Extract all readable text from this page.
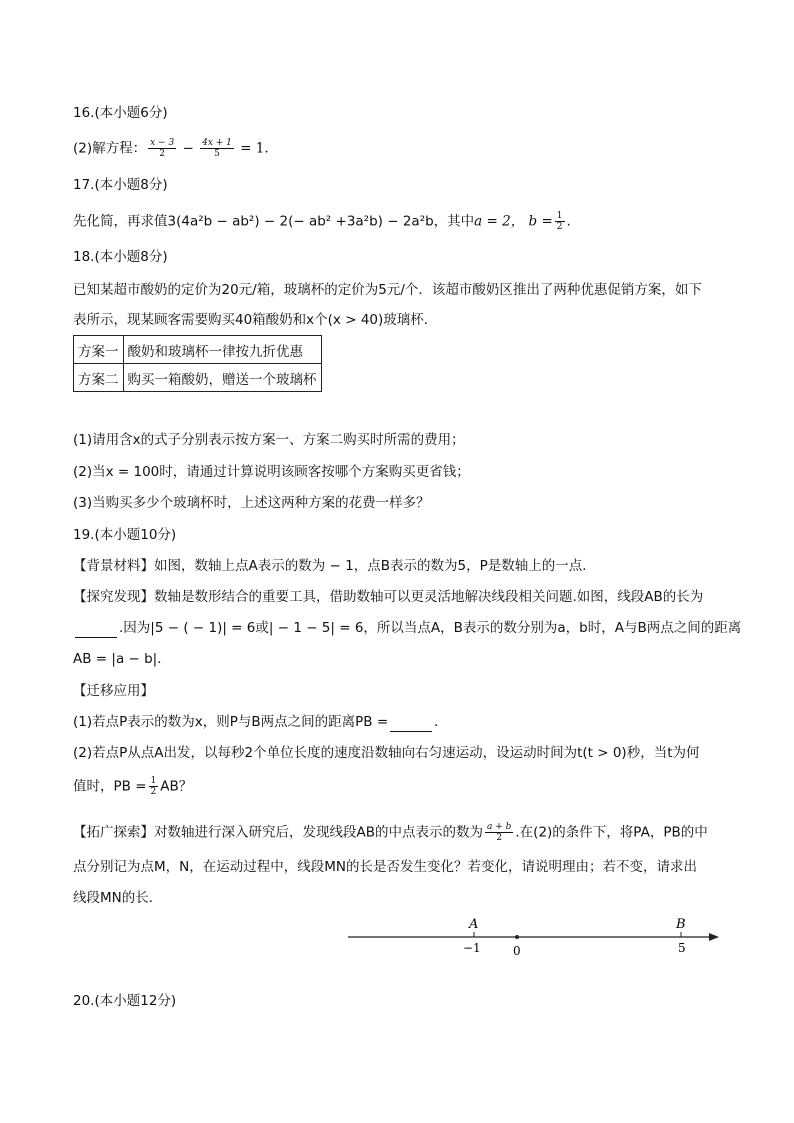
16.(本小题6分)
(2)解方程： $\frac{x - 3}{2} - \frac{4x + 1}{5} = 1$.
17.(本小题8分)
先化简，再求值3(4a²b − ab²) − 2(− ab² +3a²b) − 2a²b，其中a = 2， $b = \frac{1}{2}$ .
18.(本小题8分)
已知某超市酸奶的定价为20元/箱，玻璃杯的定价为5元/个．该超市酸奶区推出了两种优惠促销方案，如下
表所示，现某顾客需要购买40箱酸奶和x个(x > 40)玻璃杯．
方案一	酸奶和玻璃杯一律按九折优惠
方案二	购买一箱酸奶，赠送一个玻璃杯
(1)请用含x的式子分别表示按方案一、方案二购买时所需的费用；
(2)当x = 100时，请通过计算说明该顾客按哪个方案购买更省钱；
(3)当购买多少个玻璃杯时，上述这两种方案的花费一样多？
19.(本小题10分)
【背景材料】如图，数轴上点A表示的数为 − 1，点B表示的数为5，P是数轴上的一点．
【探究发现】数轴是数形结合的重要工具，借助数轴可以更灵活地解决线段相关问题.如图，线段AB的长为
.因为|5 − ( − 1)| = 6或| − 1 − 5| = 6，所以当点A，B表示的数分别为a，b时，A与B两点之间的距离
AB = |a − b|．
【迁移应用】
(1)若点P表示的数为x，则P与B两点之间的距离PB =	．
(2)若点P从点A出发，以每秒2个单位长度的速度沿数轴向右匀速运动，设运动时间为t(t > 0)秒，当t为何
值时，PB = $\frac{1}{2}$ AB？
【拓广探索】对数轴进行深入研究后，发现线段AB的中点表示的数为 $\frac{a + b}{2}$ .在(2)的条件下，将PA，PB的中
点分别记为点M，N，在运动过程中，线段MN的长是否发生变化？若变化，请说明理由；若不变，请求出
线段MN的长．
20.(本小题12分)
A	B
−1	0	5
